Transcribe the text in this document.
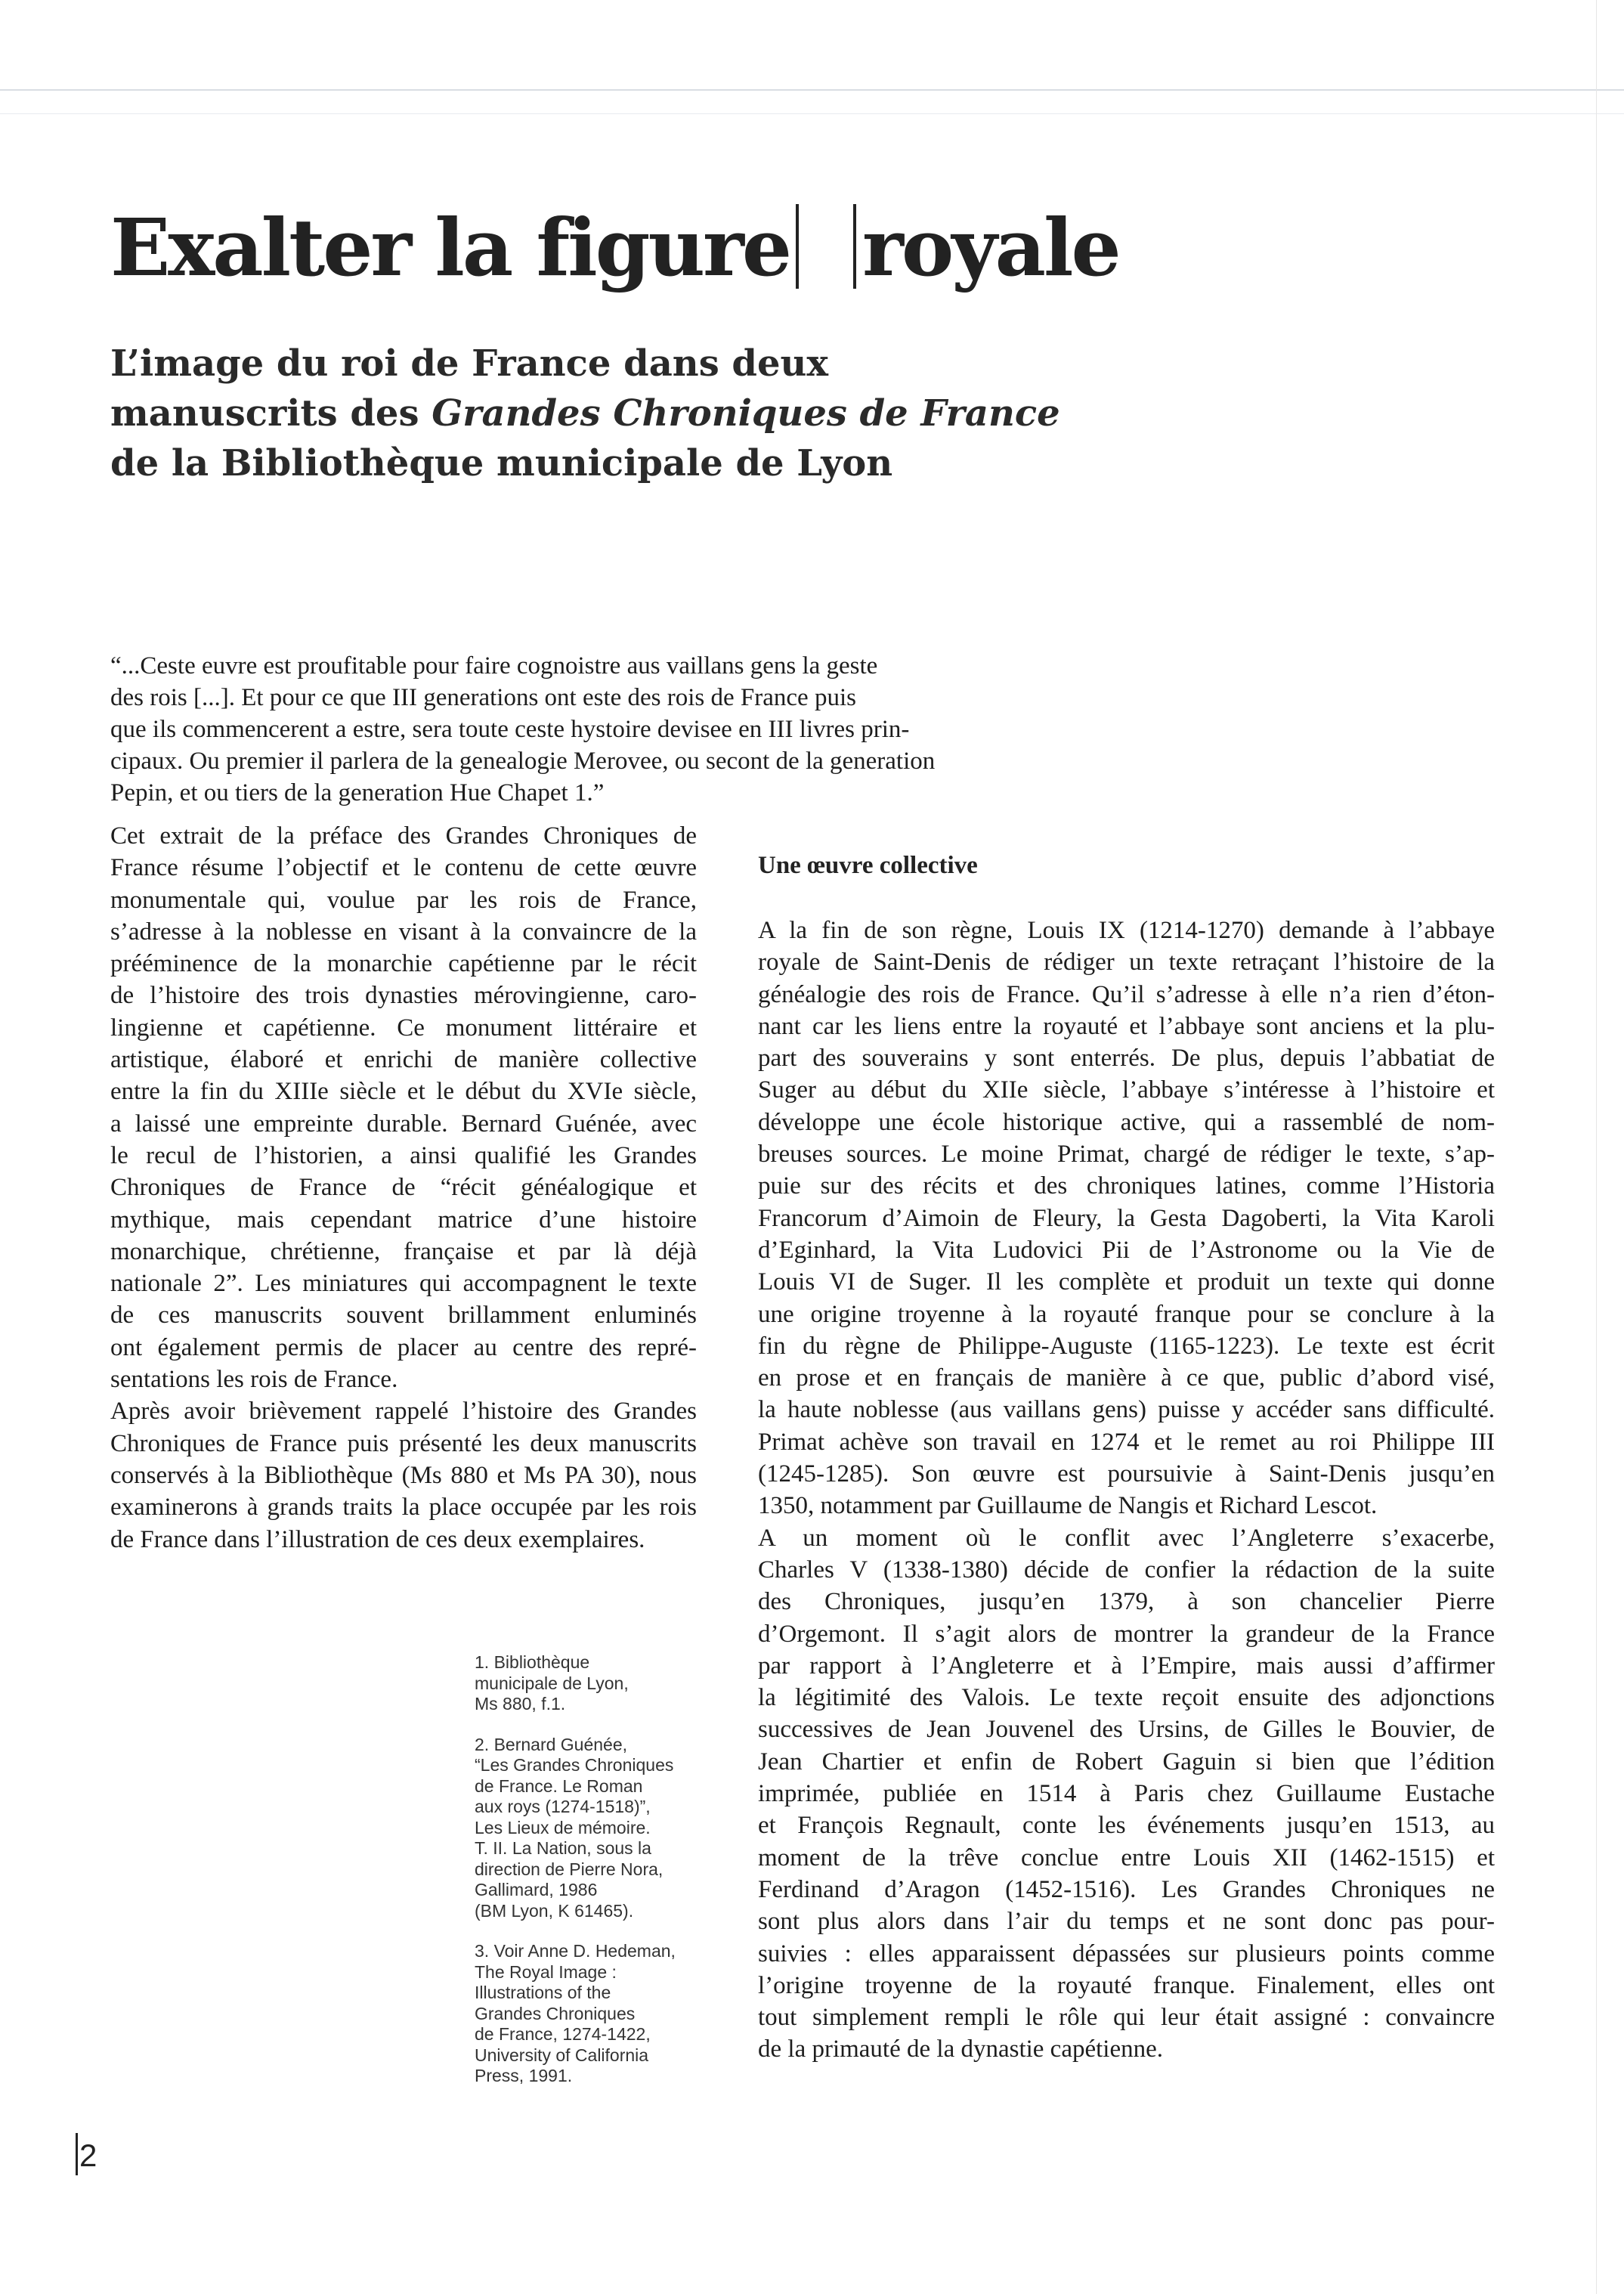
Exalter la figure royale
L’image du roi de France dans deux
manuscrits des Grandes Chroniques de France
de la Bibliothèque municipale de Lyon
“...Ceste euvre est proufitable pour faire cognoistre aus vaillans gens la geste
des rois [...]. Et pour ce que III generations ont este des rois de France puis
que ils commencerent a estre, sera toute ceste hystoire devisee en III livres prin-
cipaux. Ou premier il parlera de la genealogie Merovee, ou secont de la generation
Pepin, et ou tiers de la generation Hue Chapet 1.”
Cet extrait de la préface des Grandes Chroniques de
France résume l’objectif et le contenu de cette œuvre
monumentale qui, voulue par les rois de France,
s’adresse à la noblesse en visant à la convaincre de la
prééminence de la monarchie capétienne par le récit
de l’histoire des trois dynasties mérovingienne, caro-
lingienne et capétienne. Ce monument littéraire et
artistique, élaboré et enrichi de manière collective
entre la fin du XIIIe siècle et le début du XVIe siècle,
a laissé une empreinte durable. Bernard Guénée, avec
le recul de l’historien, a ainsi qualifié les Grandes
Chroniques de France de “récit généalogique et
mythique, mais cependant matrice d’une histoire
monarchique, chrétienne, française et par là déjà
nationale 2”. Les miniatures qui accompagnent le texte
de ces manuscrits souvent brillamment enluminés
ont également permis de placer au centre des repré-
sentations les rois de France.
Après avoir brièvement rappelé l’histoire des Grandes
Chroniques de France puis présenté les deux manuscrits
conservés à la Bibliothèque (Ms 880 et Ms PA 30), nous
examinerons à grands traits la place occupée par les rois
de France dans l’illustration de ces deux exemplaires.
Une œuvre collective
A la fin de son règne, Louis IX (1214-1270) demande à l’abbaye
royale de Saint-Denis de rédiger un texte retraçant l’histoire de la
généalogie des rois de France. Qu’il s’adresse à elle n’a rien d’éton-
nant car les liens entre la royauté et l’abbaye sont anciens et la plu-
part des souverains y sont enterrés. De plus, depuis l’abbatiat de
Suger au début du XIIe siècle, l’abbaye s’intéresse à l’histoire et
développe une école historique active, qui a rassemblé de nom-
breuses sources. Le moine Primat, chargé de rédiger le texte, s’ap-
puie sur des récits et des chroniques latines, comme l’Historia
Francorum d’Aimoin de Fleury, la Gesta Dagoberti, la Vita Karoli
d’Eginhard, la Vita Ludovici Pii de l’Astronome ou la Vie de
Louis VI de Suger. Il les complète et produit un texte qui donne
une origine troyenne à la royauté franque pour se conclure à la
fin du règne de Philippe-Auguste (1165-1223). Le texte est écrit
en prose et en français de manière à ce que, public d’abord visé,
la haute noblesse (aus vaillans gens) puisse y accéder sans difficulté.
Primat achève son travail en 1274 et le remet au roi Philippe III
(1245-1285). Son œuvre est poursuivie à Saint-Denis jusqu’en
1350, notamment par Guillaume de Nangis et Richard Lescot.
A un moment où le conflit avec l’Angleterre s’exacerbe,
Charles V (1338-1380) décide de confier la rédaction de la suite
des Chroniques, jusqu’en 1379, à son chancelier Pierre
d’Orgemont. Il s’agit alors de montrer la grandeur de la France
par rapport à l’Angleterre et à l’Empire, mais aussi d’affirmer
la légitimité des Valois. Le texte reçoit ensuite des adjonctions
successives de Jean Jouvenel des Ursins, de Gilles le Bouvier, de
Jean Chartier et enfin de Robert Gaguin si bien que l’édition
imprimée, publiée en 1514 à Paris chez Guillaume Eustache
et François Regnault, conte les événements jusqu’en 1513, au
moment de la trêve conclue entre Louis XII (1462-1515) et
Ferdinand d’Aragon (1452-1516). Les Grandes Chroniques ne
sont plus alors dans l’air du temps et ne sont donc pas pour-
suivies : elles apparaissent dépassées sur plusieurs points comme
l’origine troyenne de la royauté franque. Finalement, elles ont
tout simplement rempli le rôle qui leur était assigné : convaincre
de la primauté de la dynastie capétienne.
1. Bibliothèque
municipale de Lyon,
Ms 880, f.1.
2. Bernard Guénée,
“Les Grandes Chroniques
de France. Le Roman
aux roys (1274-1518)”,
Les Lieux de mémoire.
T. II. La Nation, sous la
direction de Pierre Nora,
Gallimard, 1986
(BM Lyon, K 61465).
3. Voir Anne D. Hedeman,
The Royal Image :
Illustrations of the
Grandes Chroniques
de France, 1274-1422,
University of California
Press, 1991.
2
